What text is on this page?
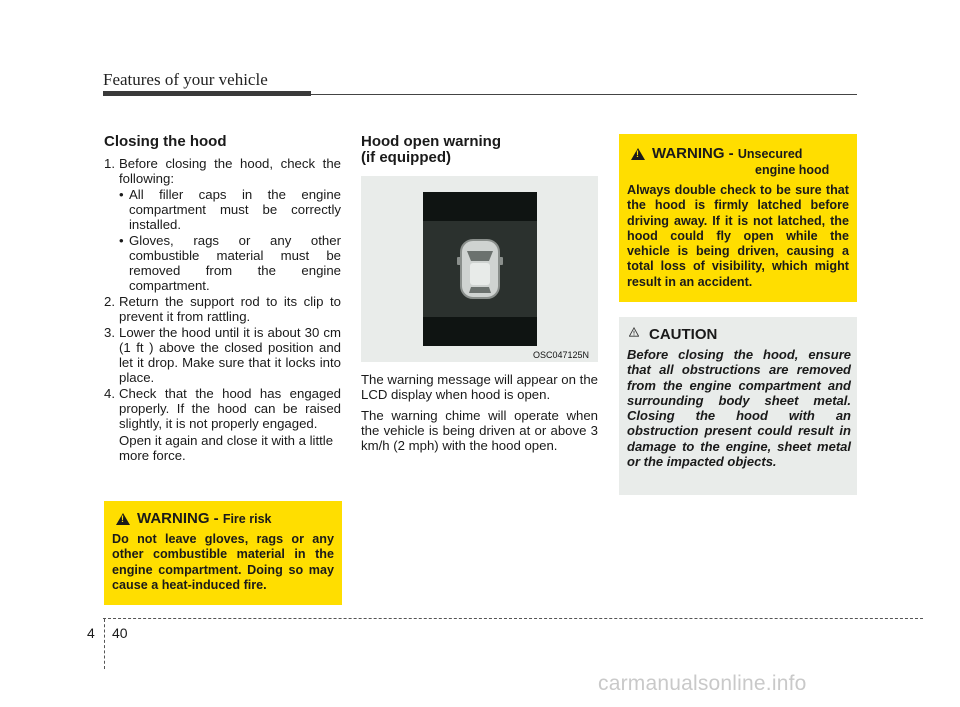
Features of your vehicle
Closing the hood
1. Before closing the hood, check the following:
• All filler caps in the engine compartment must be correctly installed.
• Gloves, rags or any other combustible material must be removed from the engine compartment.
2. Return the support rod to its clip to prevent it from rattling.
3. Lower the hood until it is about 30 cm (1 ft ) above the closed position and let it drop. Make sure that it locks into place.
4. Check that the hood has engaged properly. If the hood can be raised slightly, it is not properly engaged.
Open it again and close it with a little more force.
Hood open warning
(if equipped)
OSC047125N

The warning message will appear on the LCD display when hood is open.

The warning chime will operate when the vehicle is being driven at or above 3 km/h (2 mph) with the hood open.

!
WARNING - Fire risk
Do not leave gloves, rags or any other combustible material in the engine compartment. Doing so may cause a heat-induced fire.
!
WARNING - Unsecured
engine hood
Always double check to be sure that the hood is firmly latched before driving away. If it is not latched, the hood could fly open while the vehicle is being driven, causing a total loss of visibility, which might result in an accident.
CAUTION
Before closing the hood, ensure that all obstructions are removed from the engine compartment and surrounding body sheet metal. Closing the hood with an obstruction present could result in damage to the engine, sheet metal or the impacted objects.
4 40
carmanualsonline.info
